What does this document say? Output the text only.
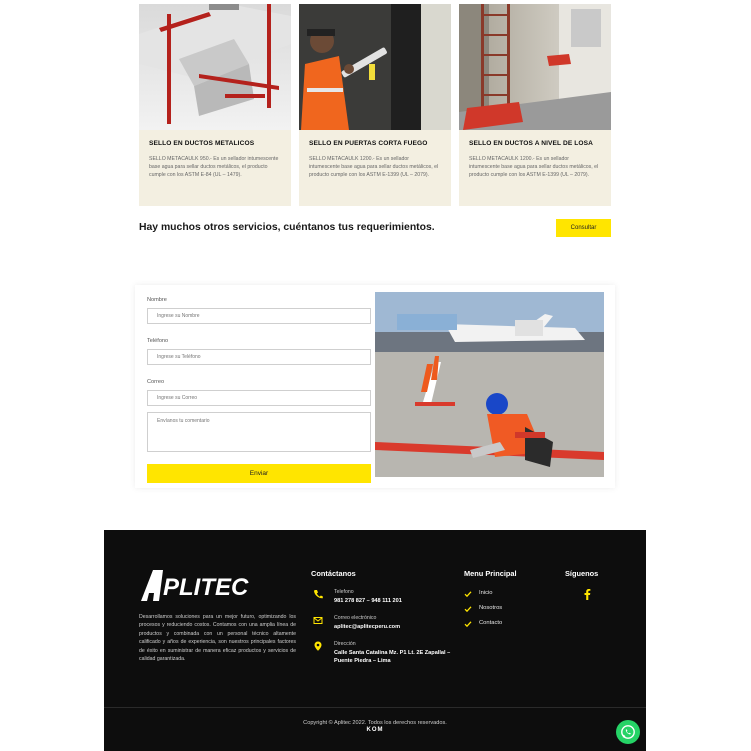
SELLO EN DUCTOS METALICOS

SELLO METACAULK 950.- Es un sellador intumescente base agua para sellar ductos metálicos, el producto cumple con los ASTM E-84 (UL – 1479).

SELLO EN PUERTAS CORTA FUEGO

SELLO METACAULK 1200.- Es un sellador intumescente base agua para sellar ductos metálicos, el producto cumple con los ASTM E-1399 (UL – 2079).

SELLO EN DUCTOS A NIVEL DE LOSA

SELLO METACAULK 1200.- Es un sellador intumescente base agua para sellar ductos metálicos, el producto cumple con los ASTM E-1399 (UL – 2079).

Hay muchos otros servicios, cuéntanos tus requerimientos.	Consultar
Nombre
Ingrese su Nombre
Teléfono
Ingrese su Teléfono
Correo
Ingrese su Correo
Envíanos tu comentario
Enviar
PLITEC

Desarrollamos soluciones para un mejor futuro, optimizando los procesos y reduciendo costos. Contamos con una amplia línea de productos y combinada con un personal técnico altamente calificado y años de experiencia, son nuestros principales factores de éxito en suministrar de manera eficaz productos y servicios de calidad garantizada.

Contáctanos
Telefono
981 278 827 – 948 111 201
Correo electrónico
aplitec@aplitecperu.com
Dirección
Calle Santa Catalina Mz. P1 Lt. 2E Zapallal – Puente Piedra – Lima
Menu Principal
Inicio
Nosotros
Contacto
Síguenos
Copyright © Aplitec 2022. Todos los derechos reservados.
KOM
